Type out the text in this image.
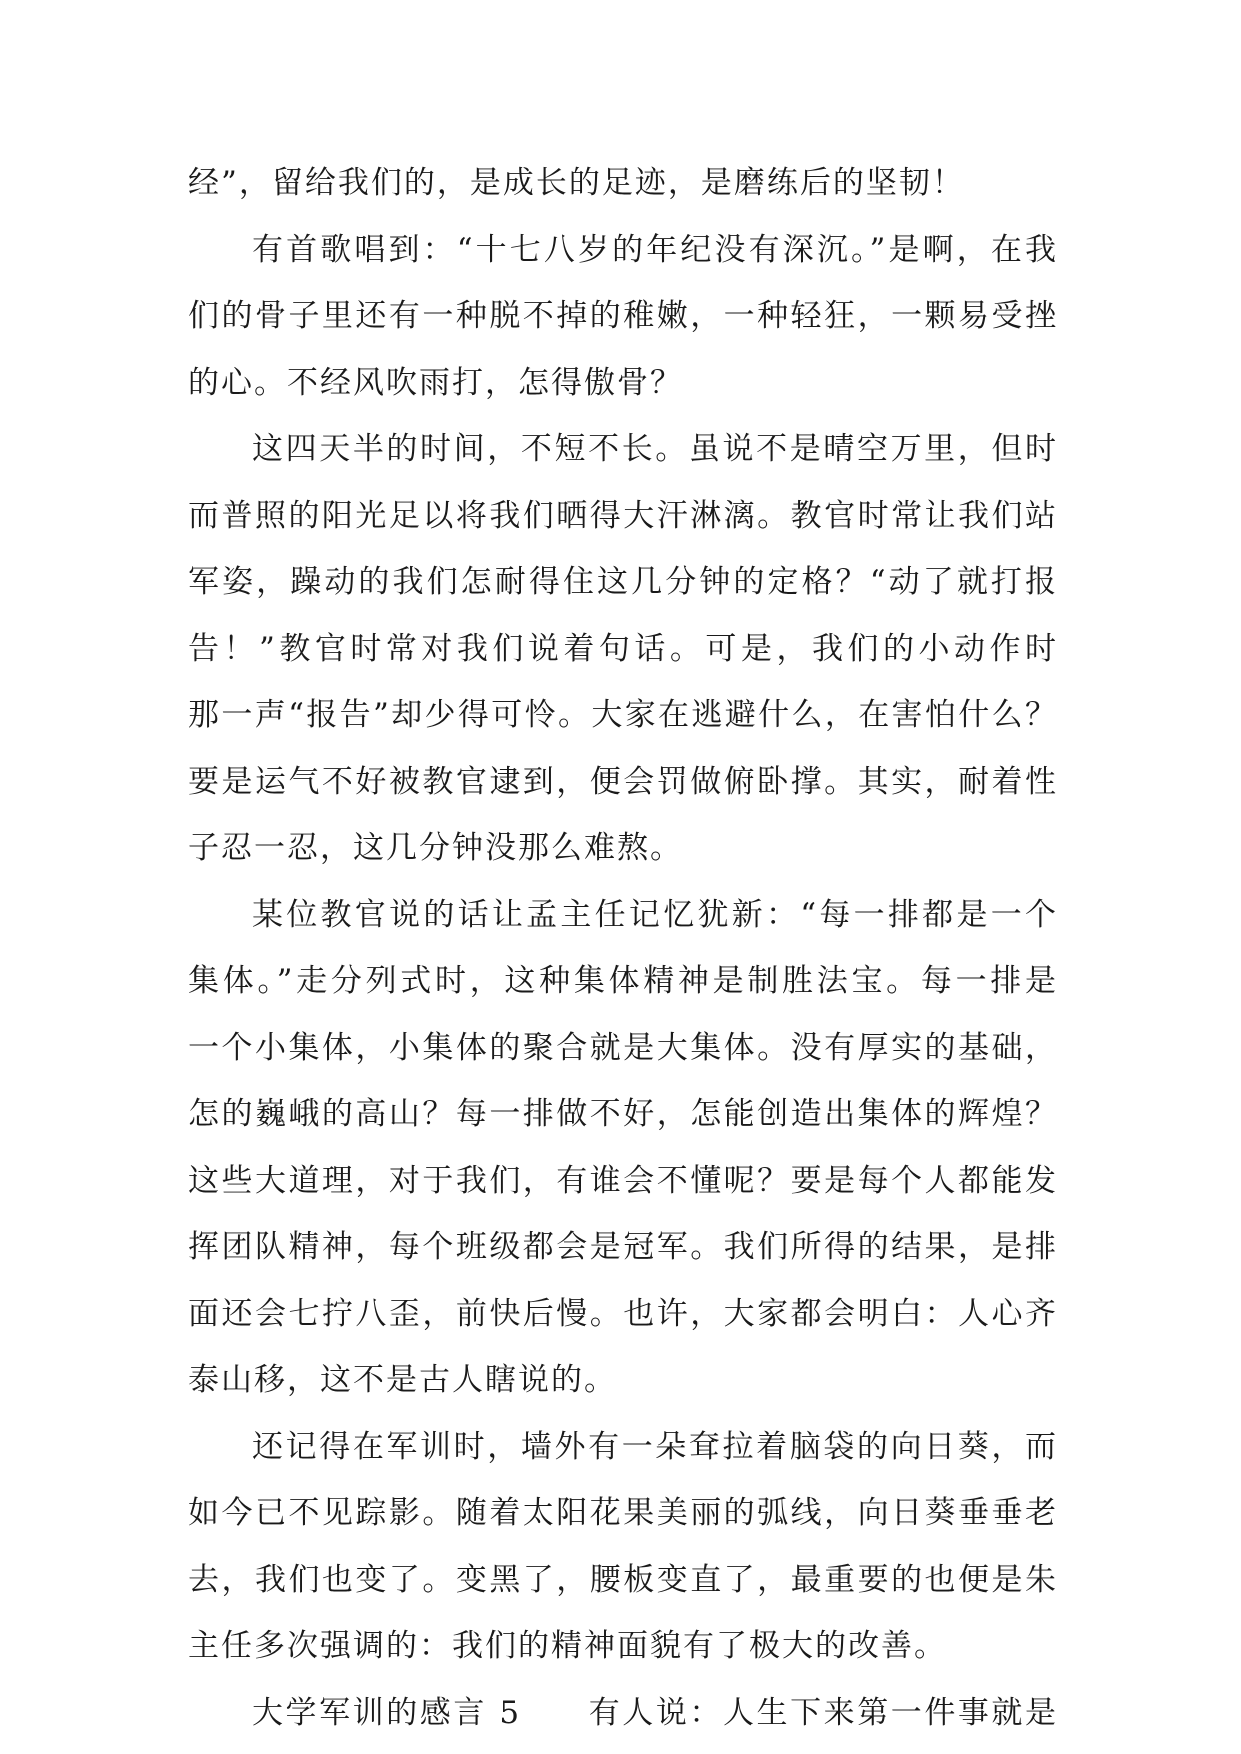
经”，留给我们的，是成长的足迹，是磨练后的坚韧！
有首歌唱到：“十七八岁的年纪没有深沉。”是啊，在我
们的骨子里还有一种脱不掉的稚嫩，一种轻狂，一颗易受挫
的心。不经风吹雨打，怎得傲骨？
这四天半的时间，不短不长。虽说不是晴空万里，但时
而普照的阳光足以将我们晒得大汗淋漓。教官时常让我们站
军姿，躁动的我们怎耐得住这几分钟的定格？“动了就打报
告！”教官时常对我们说着句话。可是，我们的小动作时
那一声“报告”却少得可怜。大家在逃避什么，在害怕什么？
要是运气不好被教官逮到，便会罚做俯卧撑。其实，耐着性
子忍一忍，这几分钟没那么难熬。
某位教官说的话让孟主任记忆犹新：“每一排都是一个
集体。”走分列式时，这种集体精神是制胜法宝。每一排是
一个小集体，小集体的聚合就是大集体。没有厚实的基础，
怎的巍峨的高山？每一排做不好，怎能创造出集体的辉煌？
这些大道理，对于我们，有谁会不懂呢？要是每个人都能发
挥团队精神，每个班级都会是冠军。我们所得的结果，是排
面还会七拧八歪，前快后慢。也许，大家都会明白：人心齐
泰山移，这不是古人瞎说的。
还记得在军训时，墙外有一朵耷拉着脑袋的向日葵，而
如今已不见踪影。随着太阳花果美丽的弧线，向日葵垂垂老
去，我们也变了。变黑了，腰板变直了，最重要的也便是朱
主任多次强调的：我们的精神面貌有了极大的改善。
大学军训的感言 5　　有人说：人生下来第一件事就是
